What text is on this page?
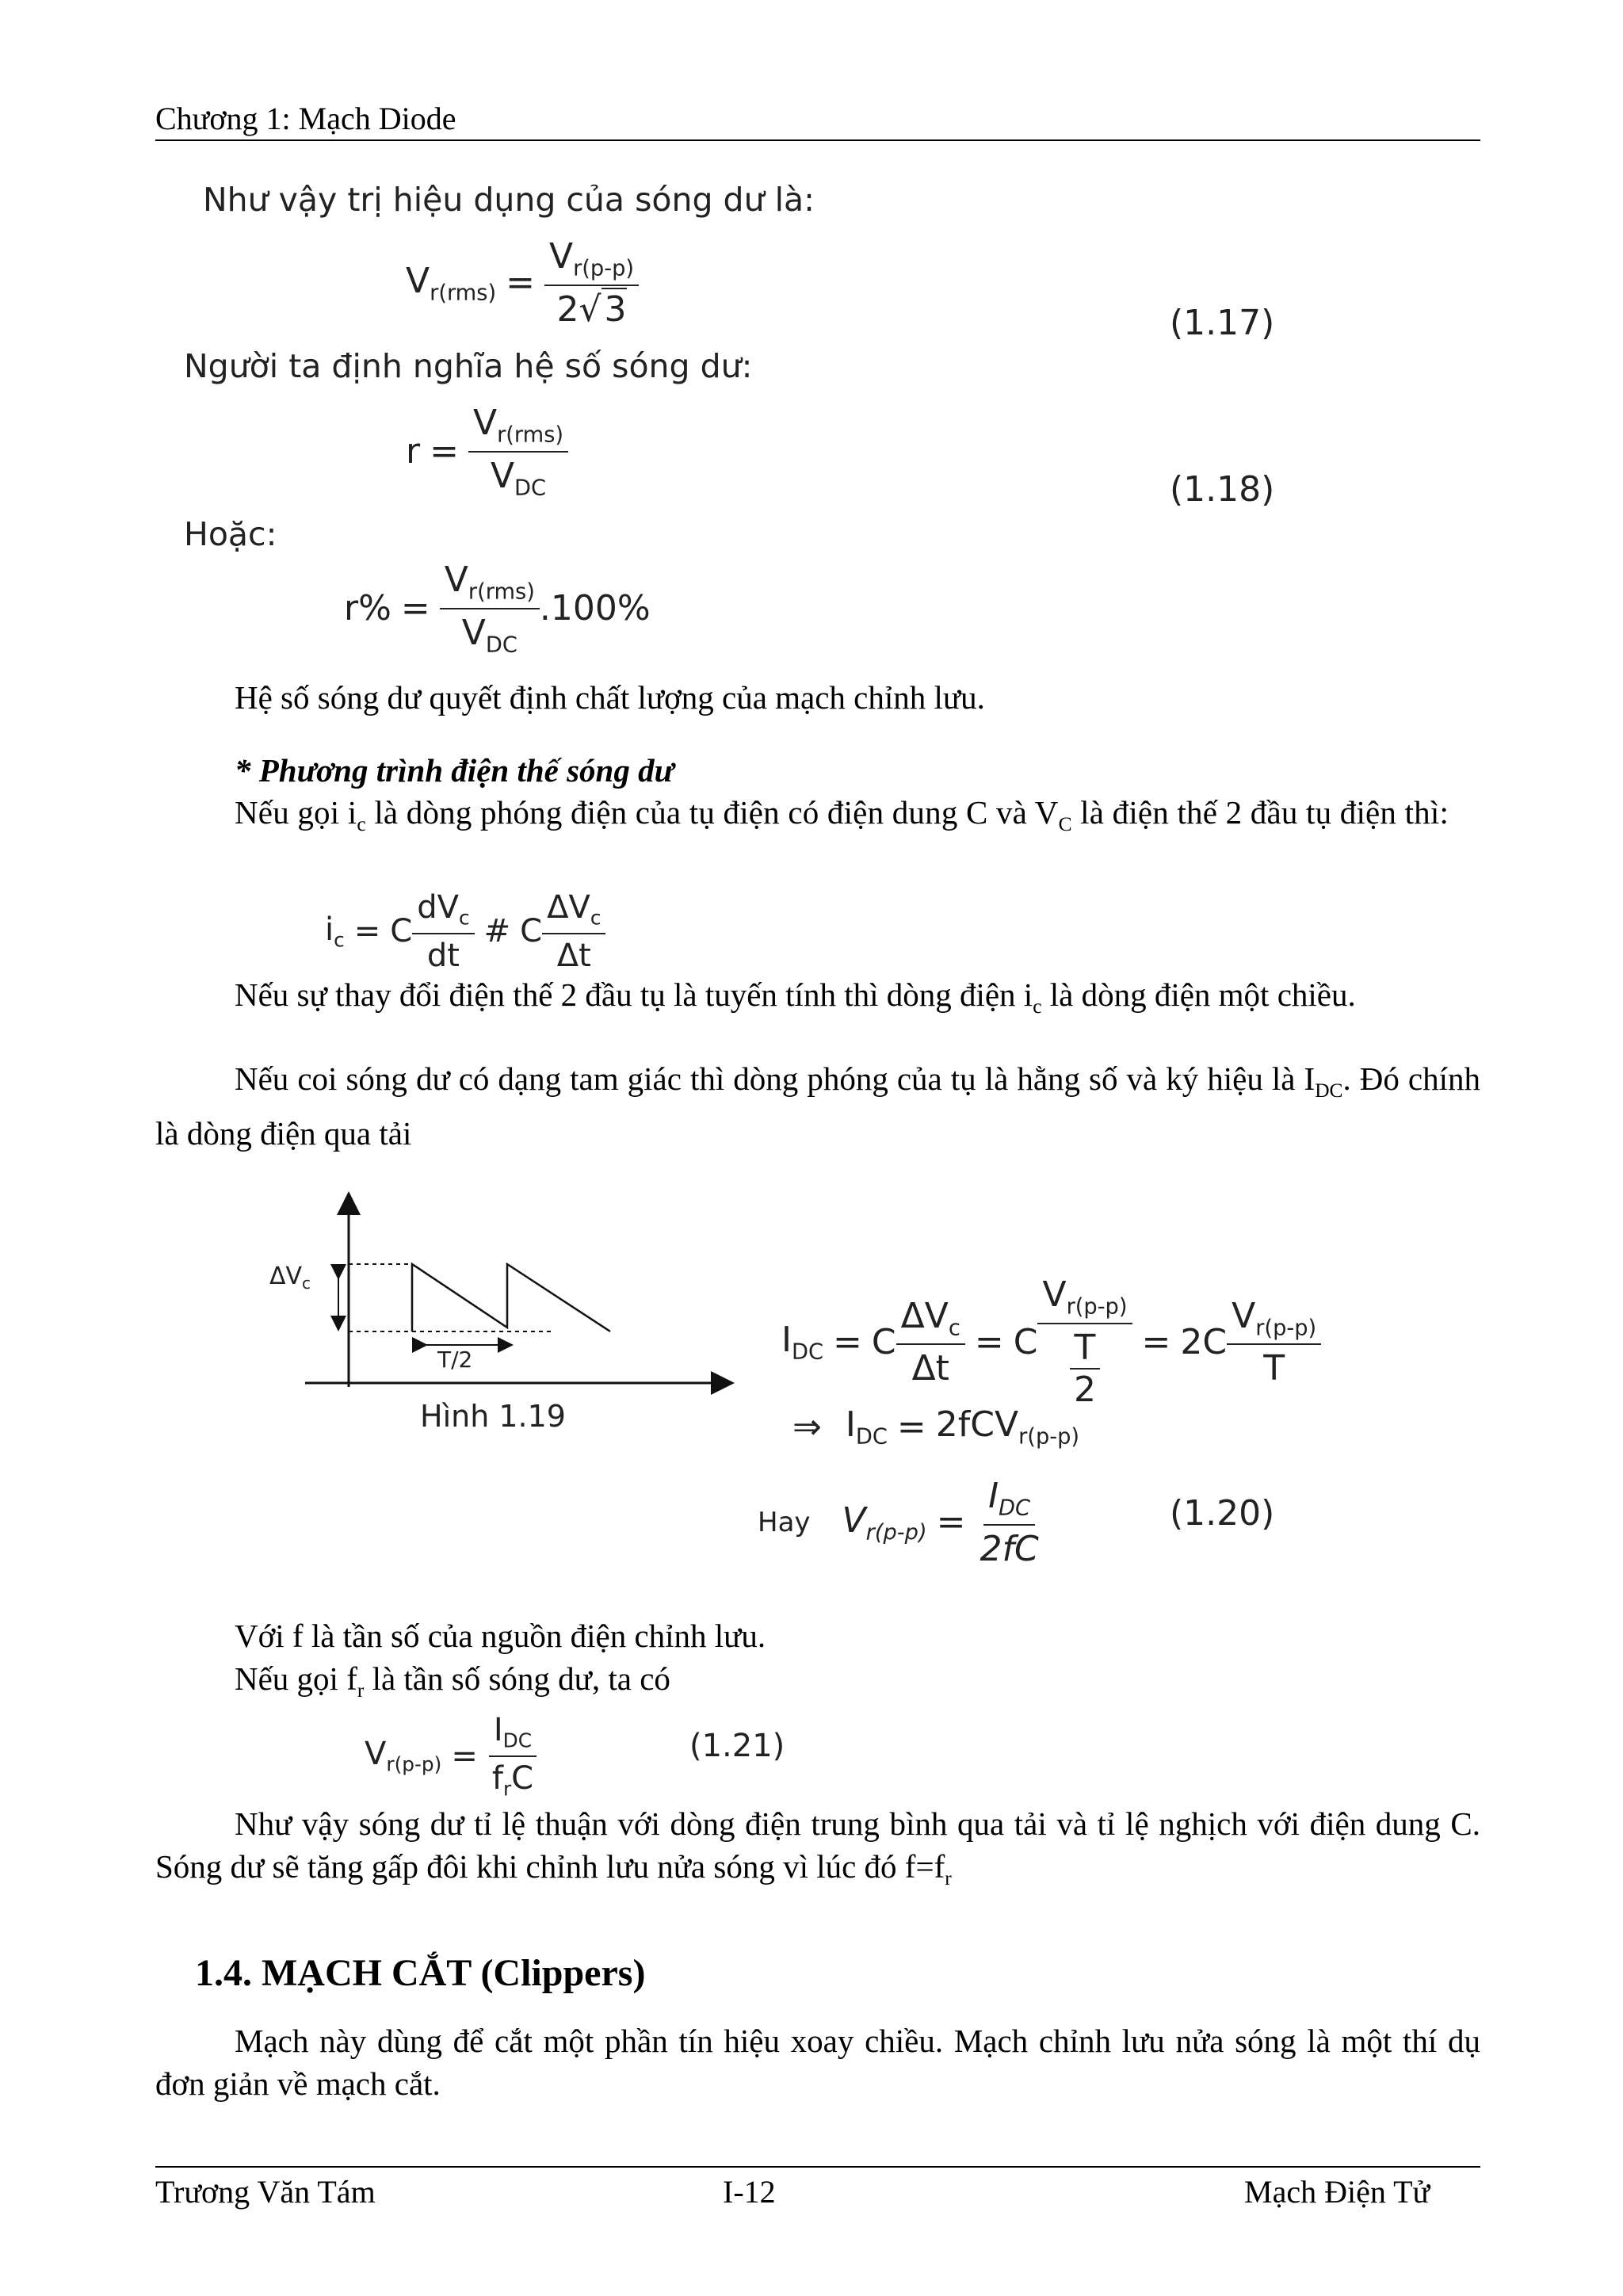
Chương 1: Mạch Diode
Như vậy trị hiệu dụng của sóng dư là:
$V_{r(rms)} = \frac{V_{r(p-p)}}{2√3}$	(1.17)
Người ta định nghĩa hệ số sóng dư:
$r = \frac{V_{r(rms)}}{V_{DC}}$	(1.18)
Hoặc:
$r\% = \frac{V_{r(rms)}}{V_{DC}} .100\%$
Hệ số sóng dư quyết định chất lượng của mạch chỉnh lưu.
* Phương trình điện thế sóng dư
Nếu gọi $i_c$ là dòng phóng điện của tụ điện có điện dung C và $V_C$ là điện thế 2 đầu tụ điện thì:
$i_c = C \frac{dV_c}{dt}$ # C $\frac{\Delta V_c}{\Delta t}$
Nếu sự thay đổi điện thế 2 đầu tụ là tuyến tính thì dòng điện $i_c$ là dòng điện một chiều.
Nếu coi sóng dư có dạng tam giác thì dòng phóng của tụ là hằng số và ký hiệu là $I_{DC}$. Đó chính là dòng điện qua tải
$\Delta V_c$
T/2
Hình 1.19
$I_{DC} = C \frac{\Delta V_c}{\Delta t} = C$ $V_{r(p-p)}$
T
$2 = 2C \frac{V_{r(p-p)}}{T}$
⇒ $I_{DC} = 2fCV_{r(p-p)}$
Hay $V_{r(p-p)} = \frac{I_{DC}}{2fC}$	(1.20)
Với f là tần số của nguồn điện chỉnh lưu.
Nếu gọi $f_r$ là tần số sóng dư, ta có
$V_{r(p-p)} = \frac{I_{DC}}{f_rC}$	(1.21)
Như vậy sóng dư tỉ lệ thuận với dòng điện trung bình qua tải và tỉ lệ nghịch với điện dung C. Sóng dư sẽ tăng gấp đôi khi chỉnh lưu nửa sóng vì lúc đó $f=f_r$
1.4. MẠCH CẮT (Clippers)
Mạch này dùng để cắt một phần tín hiệu xoay chiều. Mạch chỉnh lưu nửa sóng là một thí dụ đơn giản về mạch cắt.
Trương Văn Tám	I-12	Mạch Điện Tử
